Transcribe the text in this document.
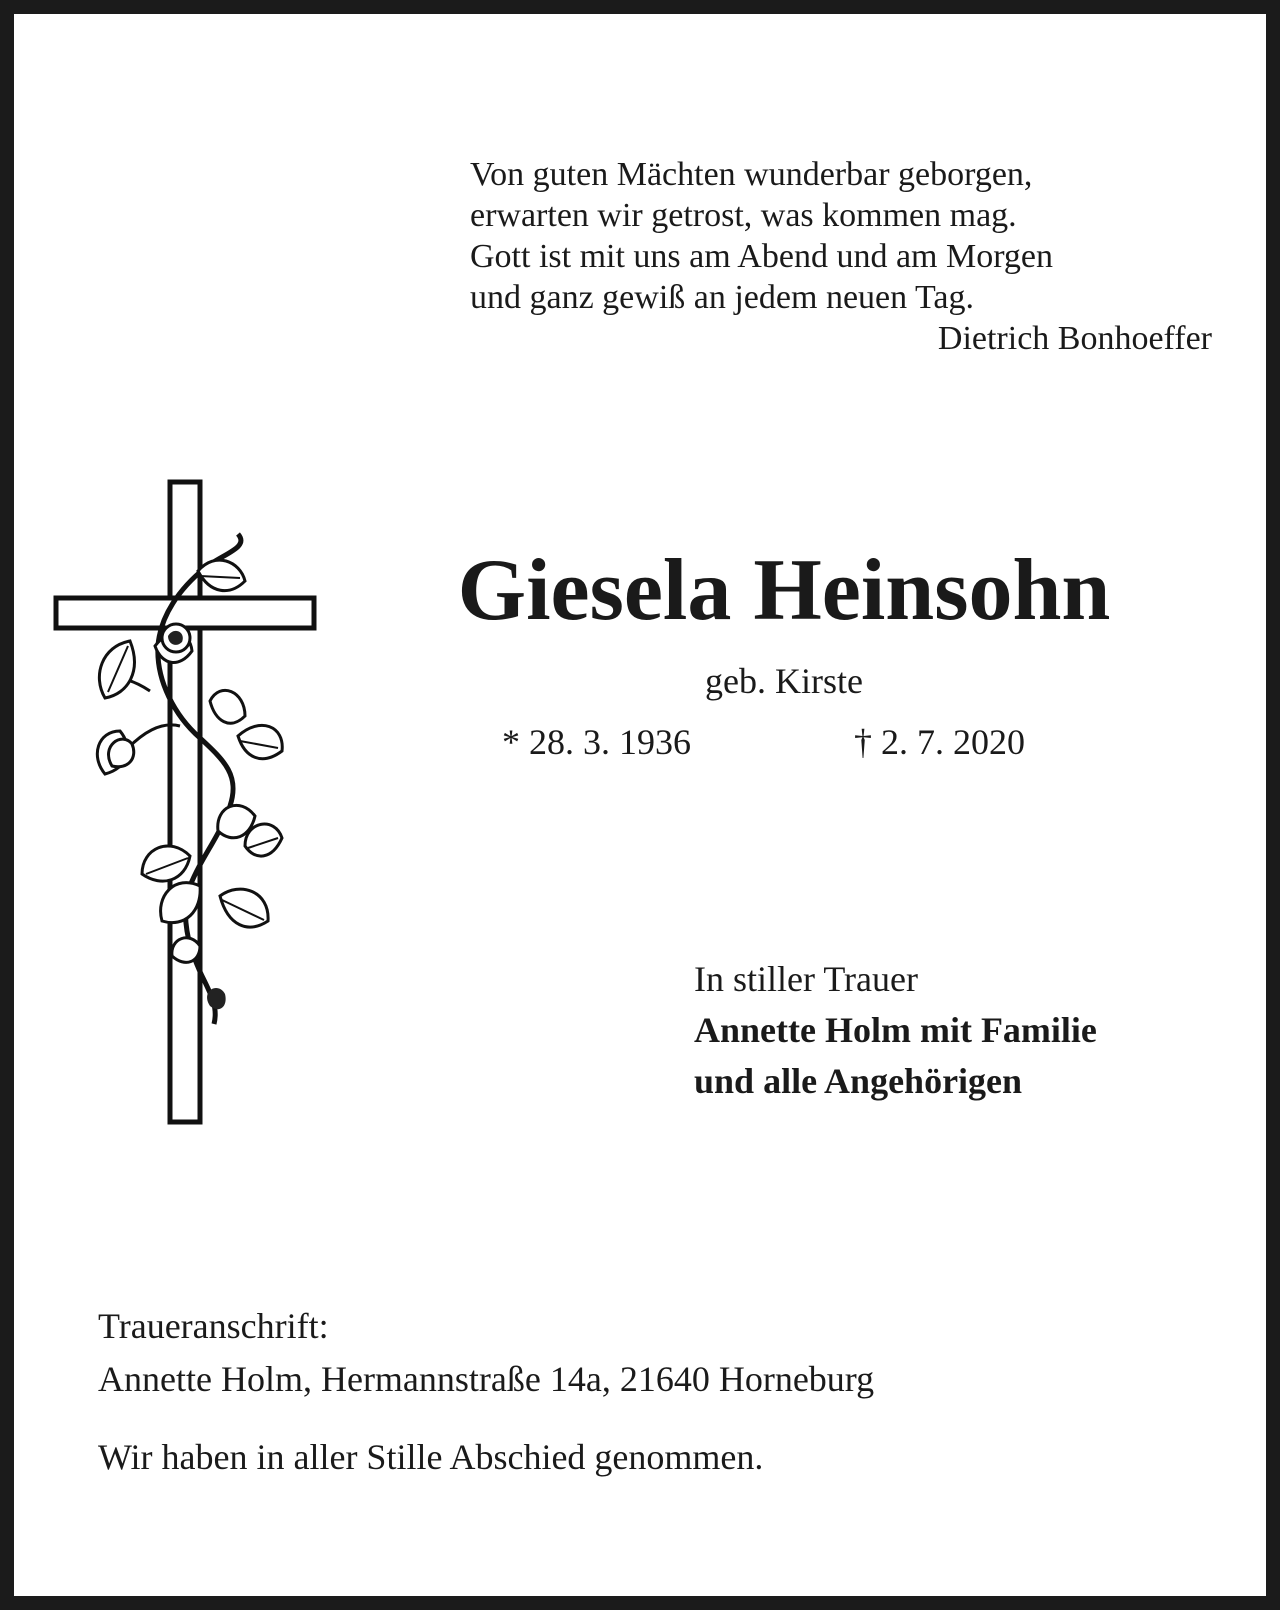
Von guten Mächten wunderbar geborgen,
erwarten wir getrost, was kommen mag.
Gott ist mit uns am Abend und am Morgen
und ganz gewiß an jedem neuen Tag.
Dietrich Bonhoeffer
Giesela Heinsohn
geb. Kirste
* 28. 3. 1936	† 2. 7. 2020
In stiller Trauer
Annette Holm mit Familie
und alle Angehörigen
Traueranschrift:
Annette Holm, Hermannstraße 14a, 21640 Horneburg
Wir haben in aller Stille Abschied genommen.
